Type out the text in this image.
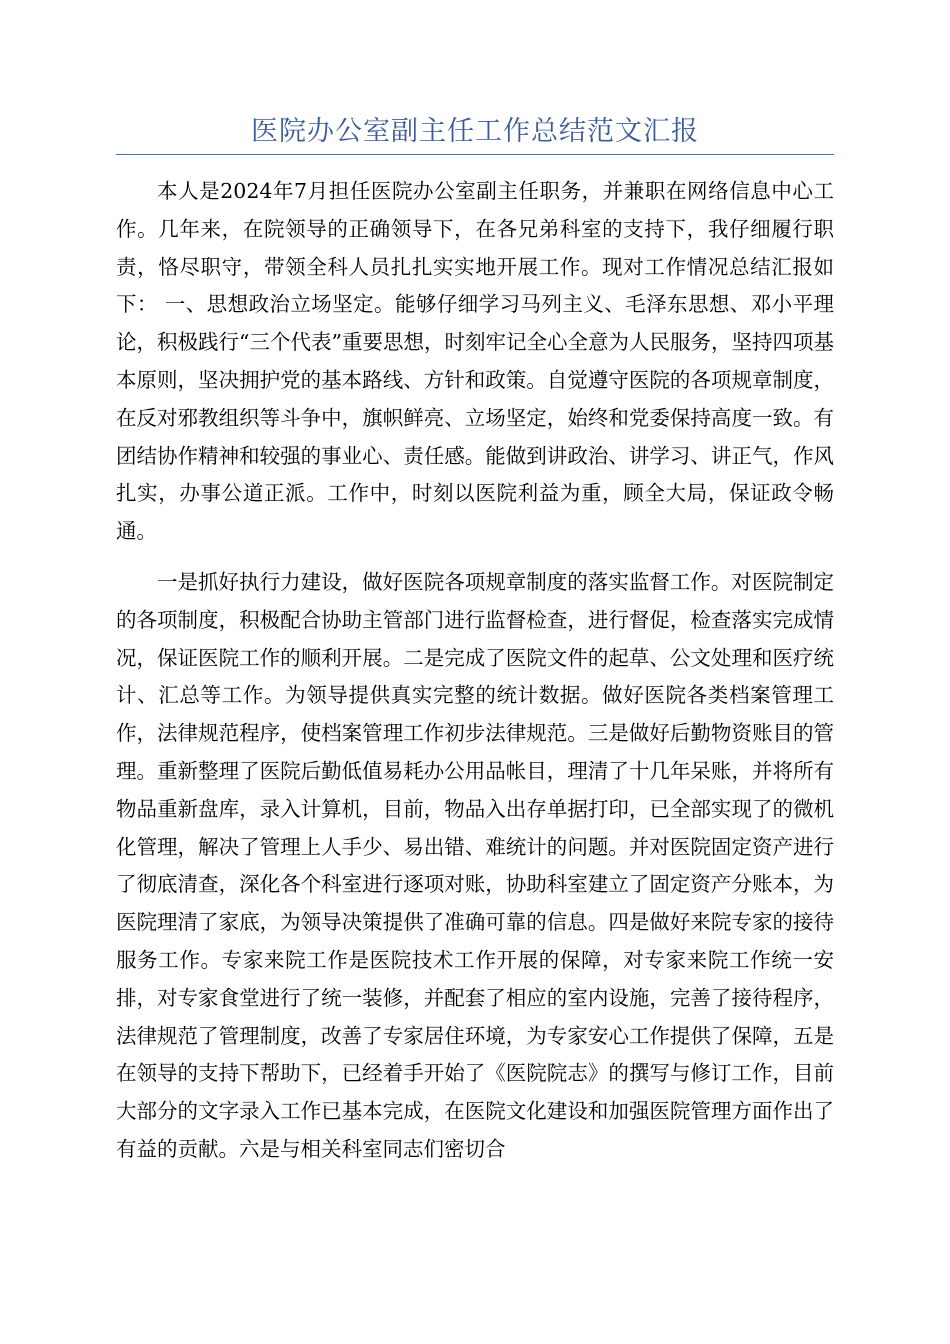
医院办公室副主任工作总结范文汇报

本人是2024年7月担任医院办公室副主任职务，并兼职在网络信息中心工作。几年来，在院领导的正确领导下，在各兄弟科室的支持下，我仔细履行职责，恪尽职守，带领全科人员扎扎实实地开展工作。现对工作情况总结汇报如下： 一、思想政治立场坚定。能够仔细学习马列主义、毛泽东思想、邓小平理论，积极践行“三个代表”重要思想，时刻牢记全心全意为人民服务，坚持四项基本原则，坚决拥护党的基本路线、方针和政策。自觉遵守医院的各项规章制度，在反对邪教组织等斗争中，旗帜鲜亮、立场坚定，始终和党委保持高度一致。有团结协作精神和较强的事业心、责任感。能做到讲政治、讲学习、讲正气，作风扎实，办事公道正派。工作中，时刻以医院利益为重，顾全大局，保证政令畅通。

一是抓好执行力建设，做好医院各项规章制度的落实监督工作。对医院制定的各项制度，积极配合协助主管部门进行监督检查，进行督促，检查落实完成情况，保证医院工作的顺利开展。二是完成了医院文件的起草、公文处理和医疗统计、汇总等工作。为领导提供真实完整的统计数据。做好医院各类档案管理工作，法律规范程序，使档案管理工作初步法律规范。三是做好后勤物资账目的管理。重新整理了医院后勤低值易耗办公用品帐目，理清了十几年呆账，并将所有物品重新盘库，录入计算机，目前，物品入出存单据打印，已全部实现了的微机化管理，解决了管理上人手少、易出错、难统计的问题。并对医院固定资产进行了彻底清查，深化各个科室进行逐项对账，协助科室建立了固定资产分账本，为医院理清了家底，为领导决策提供了准确可靠的信息。四是做好来院专家的接待服务工作。专家来院工作是医院技术工作开展的保障，对专家来院工作统一安排，对专家食堂进行了统一装修，并配套了相应的室内设施，完善了接待程序，法律规范了管理制度，改善了专家居住环境，为专家安心工作提供了保障，五是在领导的支持下帮助下，已经着手开始了《医院院志》的撰写与修订工作，目前大部分的文字录入工作已基本完成，在医院文化建设和加强医院管理方面作出了有益的贡献。六是与相关科室同志们密切合
